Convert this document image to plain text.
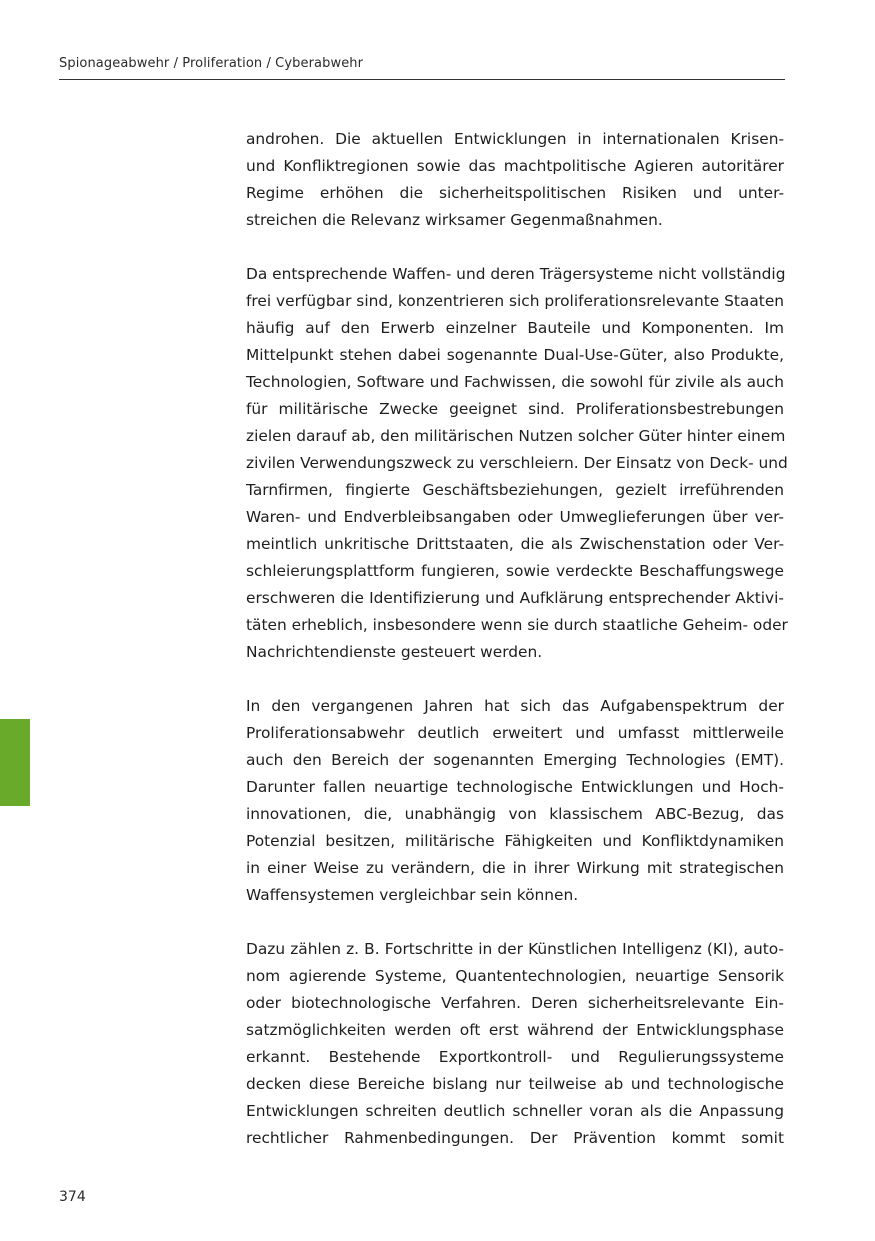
Spionageabwehr / Proliferation / Cyberabwehr
androhen. Die aktuellen Entwicklungen in internationalen Krisen-
und Konfliktregionen sowie das machtpolitische Agieren autoritärer
Regime erhöhen die sicherheitspolitischen Risiken und unter-
streichen die Relevanz wirksamer Gegenmaßnahmen.
Da entsprechende Waffen- und deren Trägersysteme nicht vollständig
frei verfügbar sind, konzentrieren sich proliferationsrelevante Staaten
häufig auf den Erwerb einzelner Bauteile und Komponenten. Im
Mittelpunkt stehen dabei sogenannte Dual-Use-Güter, also Produkte,
Technologien, Software und Fachwissen, die sowohl für zivile als auch
für militärische Zwecke geeignet sind. Proliferationsbestrebungen
zielen darauf ab, den militärischen Nutzen solcher Güter hinter einem
zivilen Verwendungszweck zu verschleiern. Der Einsatz von Deck- und
Tarnfirmen, fingierte Geschäftsbeziehungen, gezielt irreführenden
Waren- und Endverbleibsangaben oder Umweglieferungen über ver-
meintlich unkritische Drittstaaten, die als Zwischenstation oder Ver-
schleierungsplattform fungieren, sowie verdeckte Beschaffungswege
erschweren die Identifizierung und Aufklärung entsprechender Aktivi-
täten erheblich, insbesondere wenn sie durch staatliche Geheim- oder
Nachrichtendienste gesteuert werden.
In den vergangenen Jahren hat sich das Aufgabenspektrum der
Proliferationsabwehr deutlich erweitert und umfasst mittlerweile
auch den Bereich der sogenannten Emerging Technologies (EMT).
Darunter fallen neuartige technologische Entwicklungen und Hoch-
innovationen, die, unabhängig von klassischem ABC-Bezug, das
Potenzial besitzen, militärische Fähigkeiten und Konfliktdynamiken
in einer Weise zu verändern, die in ihrer Wirkung mit strategischen
Waffensystemen vergleichbar sein können.
Dazu zählen z. B. Fortschritte in der Künstlichen Intelligenz (KI), auto-
nom agierende Systeme, Quantentechnologien, neuartige Sensorik
oder biotechnologische Verfahren. Deren sicherheitsrelevante Ein-
satzmöglichkeiten werden oft erst während der Entwicklungsphase
erkannt. Bestehende Exportkontroll- und Regulierungssysteme
decken diese Bereiche bislang nur teilweise ab und technologische
Entwicklungen schreiten deutlich schneller voran als die Anpassung
rechtlicher Rahmenbedingungen. Der Prävention kommt somit
374
